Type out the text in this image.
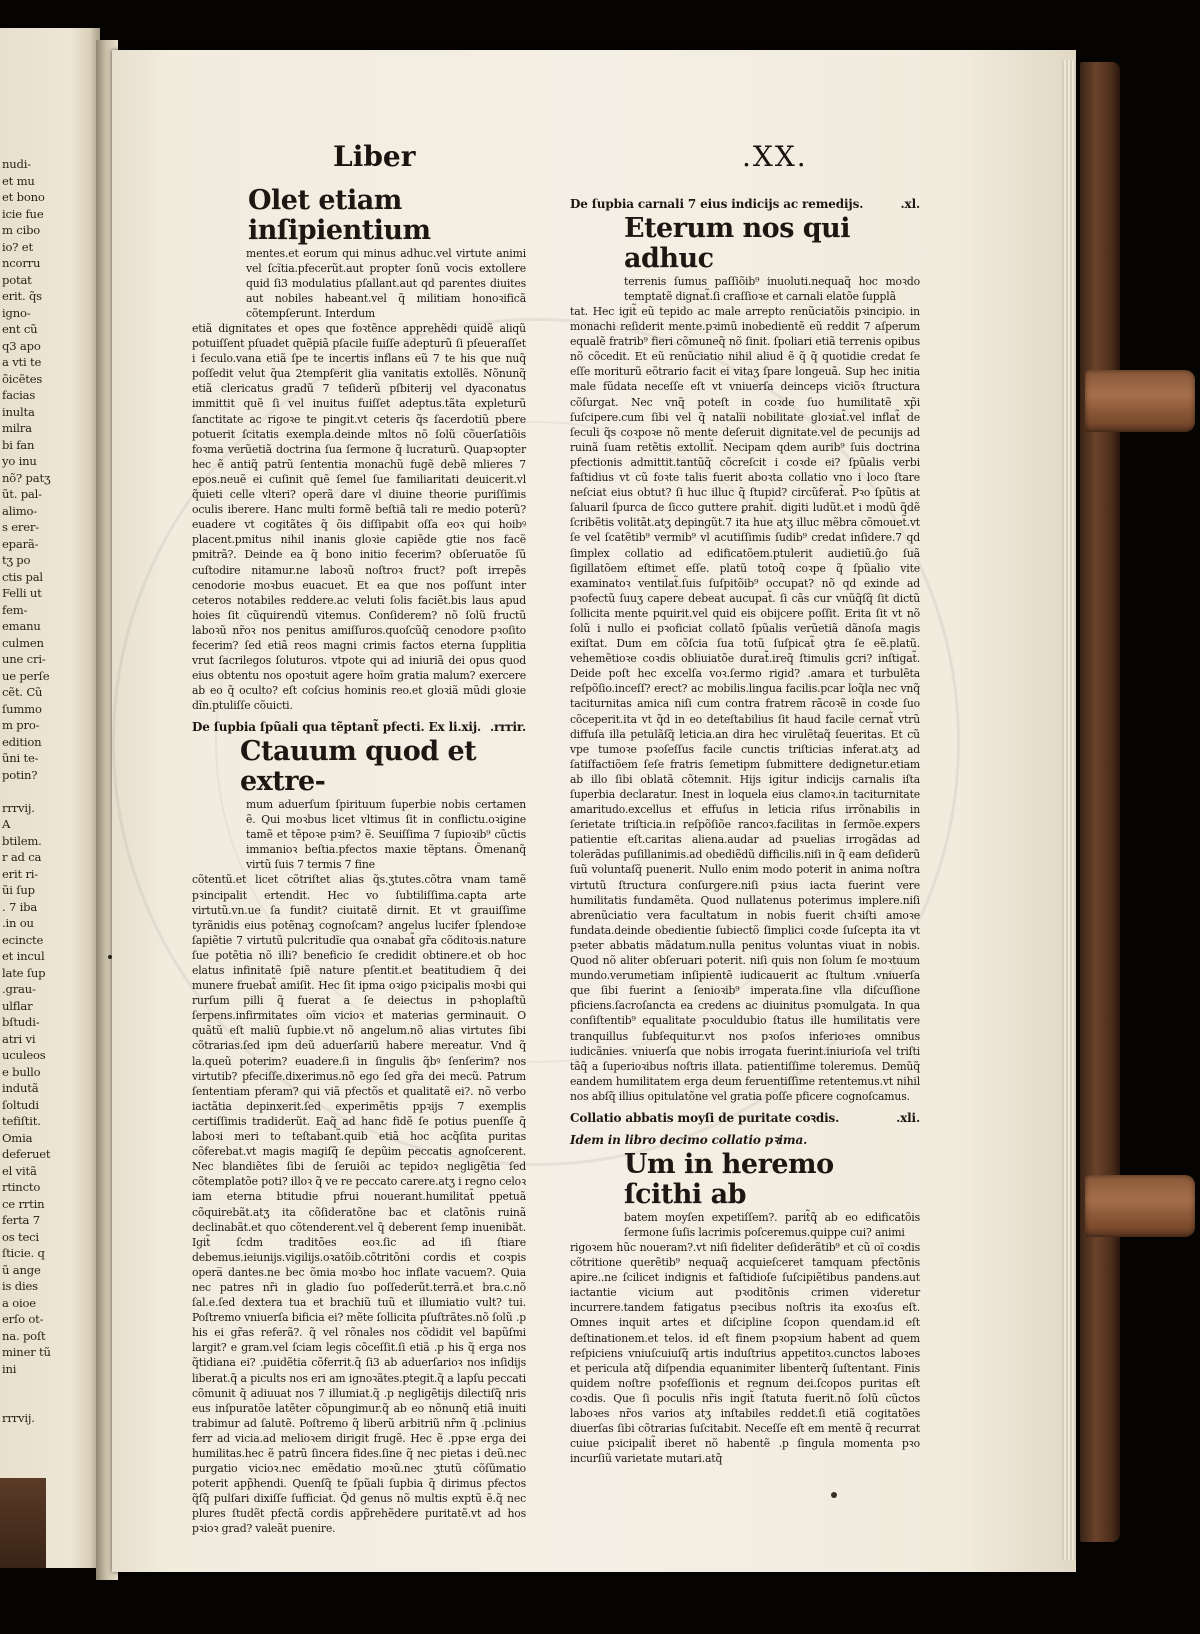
nudi-
et mu
et bono
icie fue
m cibo
io? et
ncorru
potat
erit. q̃s
igno-
ent cũ
q3 apo
a vti te
õicẽtes
facias
inulta
milra
bi fan
yo inu
nõ? patʒ
ũt. pal-
alimo-
s erer-
eparã-
tʒ po
ctis pal
Felli ut
fem-
emanu
culmen
une cri-
ue perſe
cẽt. Cũ
ſummo
m pro-
edition
ũni te-
potin?

rrrvij.
A
btilem.
r ad ca
erit ri-
ũi ſup
. 7 iba
.in ou
ecincte
et incul
late ſup
.grau-
ulflar
bſtudi-
atri vi
uculeos
e bullo
indutã
ſoltudi
tefiſtit.
Omia
deferuet
el vitã
rtincto
ce rrtin
ferta 7
os teci
ſticie. q
ũ ange
is dies
a oioe
erſo ot-
na. poſt
miner tũ
ini

rrrvij.
Liber	.XX.
Olet etiam inſipientium

mentes.et eorum qui minus adhuc.vel virtute animi vel ſcĩtia.pfecerũt.aut propter ſonũ vocis extollere quid ſi3 modulatius pſallant.aut qd parentes diuites aut nobiles habeant.vel q̃ militiam honoꝛificã cõtempſerunt. Interdum

etiã dignitates et opes que foꝛtẽnce apprehẽdi quidẽ aliqũ potuiſſent pſuadet quẽpiã pſacile fuiſſe adepturũ ſi pſeueraſſet i ſeculo.vana etiã ſpe te incertis inflans eũ 7 te his que nuq̃ poſſedit velut q̃ua 2tempſerit glia vanitatis extollẽs. Nõnunq̃ etiã clericatus gradũ 7 teſiderũ pſbiterij vel dyaconatus immittit quẽ ſi vel inuitus fuiſſet adeptus.tãta expleturũ ſanctitate ac rigoꝛe te pingit.vt ceteris q̃s ſacerdotiũ pbere potuerit ſcitatis exempla.deinde mltos nõ ſolũ cõuerſatiõis foꝛma verũetiã doctrina ſua ſermone q̃ lucraturũ. Quapꝛopter hec ẽ antiq̃ patrũ ſententia monachũ fugẽ debẽ mlieres 7 epos.neuẽ ei cuſinit quẽ ſemel ſue familiaritati deuicerit.vl q̃uieti celle vlteri? operã dare vl diuine theorie puriſſimis oculis iberere. Hanc multi formẽ beſtiã tali re medio poterũ? euadere vt cogitãtes q̃ õis diſſipabit oſſa eoꝛ qui hoibꝰ placent.pmitus nihil inanis gloꝛie capiẽde gtie nos facẽ pmitrã?. Deinde ea q̃ bono initio fecerim? obſeruatõe ſũ cuſtodire nitamur.ne laboꝛũ noſtroꝛ fruct? poſt irrepẽs cenodorie moꝛbus euacuet. Et ea que nos poſſunt inter ceteros notabiles reddere.ac veluti ſolis faciẽt.bis laus apud hoies ſit cũquirendũ vitemus. Conſiderem? nõ ſolũ fructũ laboꝛũ nr̃oꝛ nos penitus amiſſuros.quoſcũq̃ cenodore pꝛoſito fecerim? ſed etiã reos magni crimis factos eterna ſupplitia vrut ſacrilegos ſoluturos. vtpote qui ad iniuriã dei opus quod eius obtentu nos opoꝛtuit agere hoĩm gratia malum? exercere ab eo q̃ oculto? eſt coſcius hominis reo.et gloꝛiã mũdi gloꝛie dĩn.ptuliſſe cõuicti.

.rrrir.
De ſupbia ſpũali qua tẽptant̃ pfecti. Ex li.xij.
Ctauum quod et extre-

mum aduerſum ſpirituum ſuperbie nobis certamen ẽ. Qui moꝛbus licet vltimus ſit in conflictu.oꝛigine tamẽ et tẽpoꝛe pꝛim? ẽ. Seuiſſima 7 ſupioꝛib⁹ cũctis immanioꝛ beſtia.pfectos maxie tẽptans. Õmenanq̃ virtũ ſuis 7 termis 7 fine

cõtentũ.et licet cõtriſtet alias q̃s.ʒtutes.cõtra vnam tamẽ pꝛincipalit ertendit. Hec vo ſubtiliſſima.capta arte virtutũ.vn.ue ſa fundit? ciuitatẽ dirnit. Et vt grauiſſime tyrãnidis eius potẽnaʒ cognoſcam? angelus lucifer ſplendoꝛe ſapiẽtie 7 virtutũ pulcritudĩe qua oꝛnabat̃ gr̃a cõditoꝛis.nature ſue potẽtia nõ illi? beneficio ſe credidit obtinere.et ob hoc elatus infinitatẽ ſpiẽ nature pſentit.et beatitudiem q̃ dei munere fruebat̃ amiſit. Hec ſit ipma oꝛigo pꝛicipalis moꝛbi qui rurſum pilli q̃ fuerat a ſe deiectus in pꝛhoplaſtũ ſerpens.infirmitates oĩm vicioꝛ et materias germinauit. O quãtũ eſt maliũ ſupbie.vt nõ angelum.nõ alias virtutes ſibi cõtrarias.ſed ipm deũ aduerſariũ habere mereatur. Vnd q̃ la.queũ poterim? euadere.ſi in ſingulis q̃bꝰ ſenſerim? nos virtutib? pfeciſſe.dixerimus.nõ ego ſed gr̃a dei mecũ. Patrum ſententiam pferam? qui viã pfectõs et qualitatẽ ei?. nõ verbo iactãtia depinxerit.ſed experimẽtis ppꝛijs 7 exemplis certiſſimis tradiderũt. Eaq̃ ad hanc fidẽ ſe potius puenſſe q̃ laboꝛi meri to teſtabant̃.quib etiã hoc acq̃ſita puritas cõferebat.vt magis magiſq̃ ſe depũim peccatis agnoſcerent. Nec blandiẽtes ſibi de ſeruiõi ac tepidoꝛ negligẽtia ſed cõtemplatõe poti? illoꝛ q̃ ve re peccato carere.atʒ i regno celoꝛ iam eterna btitudie pfrui nouerant.humilitat̃ ppetuã cõquirebãt.atʒ ita cõſideratõne bac et clatõnis ruinã declinabãt.et quo cõtenderent.vel q̃ deberent ſemp inuenibãt. Igit̃ ſcdm traditões eoꝛ.ſic ad iſi ſtiare debemus.ieiunijs.vigilijs.oꝛatõib.cõtritõni cordis et coꝛpis opera̅ dantes.ne bec õmia moꝛbo hoc inflate vacuem?. Quia nec patres nr̃i in gladio ſuo poſſederũt.terrã.et bra.c.nõ ſal.e.ſed dextera tua et brachiũ tuũ et illumiatio vult? tui. Poſtremo vniuerſa bificia ei? mẽte ſollicita pſuſtrãtes.nõ ſolũ .p his ei gr̃as referã?. q̃ vel rõnales nos cõdidit vel bapũſmi largit? e gram.vel ſciam legis cõceſſit.ſi etiã .p his q̃ erga nos q̃tidiana ei? .puidẽtia cõferrit.q̃ ſi3 ab aduerſarioꝛ nos inſidijs liberat.q̃ a picults nos eri am ignoꝛãtes.ptegit.q̃ a lapſu peccati cõmunit q̃ adiuuat nos 7 illumiat.q̃ .p negligẽtijs dilectiſq̃ nris eus inſpuratõe latẽter cõpungimur.q̃ ab eo nõnunq̃ etiã inuiti trabimur ad ſalutẽ. Poſtremo q̃ liberũ arbitriũ nr̃m q̃ .pclinius ferr ad vicia.ad melioꝛem dirigit frugẽ. Hec ẽ .ppꝛe erga dei humilitas.hec ẽ patrũ ſincera fides.ſine q̃ nec pietas i deũ.nec purgatio vicioꝛ.nec emẽdatio moꝛũ.nec ʒtutũ cõſũmatio poterit app̃hendi. Quenſq̃ te ſpũali ſupbia q̃ dirimus pfectos q̃ſq̃ pulſari dixiſſe ſufficiat. Q̃d genus nõ multis exptũ ẽ.q̃ nec plures ſtudẽt pfectã cordis app̃rehẽdere puritatẽ.vt ad hos pꝛioꝛ grad? valeãt puenire.

.xl.
De ſupbia carnali 7 eius indicijs ac remedijs.
Eterum nos qui adhuc

terrenis ſumus paſſiõib⁹ inuoluti.nequaq̃ hoc moꝛdo temptatẽ dignat̃.ſi craſſioꝛe et carnali elatõe ſupplã

tat. Hec igit̃ eũ tepido ac male arrepto renũciatõis pꝛincipio. in monachi reſiderit mente.pꝛimũ inobedientẽ eũ reddit 7 aſperum equalẽ fratrib⁹ fieri cõmuneq̃ nõ ſinit. ſpoliari etiã terrenis opibus nõ cõcedit. Et eũ renũciatio nihil aliud ẽ q̃ q̃ quotidie credat ſe eſſe moriturũ eõtrario facit ei vitaʒ ſpare longeuã. Sup hec initia male fũdata neceſſe eſt vt vniuerſa deinceps viciõꝛ ſtructura cõſurgat. Nec vnq̃ poteſt in coꝛde ſuo humilitatẽ xp̃i ſuſcipere.cum ſibi vel q̃ natalĩi nobilitate gloꝛiat̃.vel inflat̃ de ſeculi q̃s coꝛpoꝛe nõ mente deſeruit dignitate.vel de pecunijs ad ruinã ſuam retẽtis extollit̃. Necipam qdem aurib⁹ ſuis doctrina pfectionis admittit.tantũq̃ cõcreſcit i coꝛde ei? ſpũalis verbi faſtidius vt cũ foꝛte talis fuerit aboꝛta collatio vno i loco ſtare neſciat eius obtut? ſi huc illuc q̃ ſtupid? circũferat̃. Pꝛo ſpũtis at ſaluaril ſpurca de ſicco guttere ꝑrahit̃. digiti ludũt.et i modũ q̃dẽ ſcribẽtis volitãt.atʒ depingũt.7 ita hue atʒ illuc mẽbra cõmouet̃.vt ſe vel ſcatẽtib⁹ vermib⁹ vl acutiſſimis ſudib⁹ credat inſidere.7 qd ſimplex collatio ad edificatõem.ptulerit audietiũ.ĝo ſuã ſigillatõem eſtimet eſſe. platũ totoq̃ coꝛpe q̃ ſpũalio vite examinatoꝛ ventilat̃.ſuis ſuſpitõib⁹ occupat? nõ qd exinde ad pꝛofectũ ſuuʒ capere debeat aucupat̃. ſi cãs cur vnũq̃ſq̃ ſit dictũ ſollicita mente pquirit.vel quid eis obijcere poſſit. Erita ſit vt nõ ſolũ i nullo ei pꝛoficiat collatõ ſpũalis verũetiã dãnoſa magis exiſtat. Dum em cõſcia ſua totũ ſuſpicat̃ ꝯtra ſe eẽ.platũ. vehemẽtioꝛe coꝛdis obliuiatõe durat̃.ireq̃ ſtimulis gcri? inſtigat̃. Deide poſt hec excelſa voꝛ.ſermo rigid? .amara et turbulẽta reſpõſio.inceſſ? erect? ac mobilis.lingua facilis.pcar loq̃la nec vnq̃ taciturnitas amica niſi cum contra fratrem rãcoꝛẽ in coꝛde ſuo cõceperit.ita vt q̃d in eo deteſtabilius ſit haud facile cernat̃ vtrũ diffuſa illa petulãſq̃ leticia.an dira hec virulẽtaq̃ ſeueritas. Et cũ vpe tumoꝛe pꝛoſeſſus facile cunctis triſticias inferat.atʒ ad ſatiſfactiõem ſeſe fratris ſemetipm ſubmittere dedignetur.etiam ab illo ſibi oblatã cõtemnit. Hijs igitur indicijs carnalis iſta ſuperbia declaratur. Inest in loquela eius clamoꝛ.in taciturnitate amaritudo.excellus et effuſus in leticia riſus irrõnabilis in ſerietate triſticia.in reſpõſiõe rancoꝛ.facilitas in ſermõe.expers patientie eſt.caritas aliena.audar ad pꝛuelias irrogãdas ad tolerãdas puſillanimis.ad obediẽdũ difficilis.niſi in q̃ eam deſiderũ ſuũ voluntaſq̃ puenerit. Nullo enim modo poterit in anima noſtra virtutũ ſtructura conſurgere.niſi pꝛius iacta fuerint vere humilitatis fundamẽta. Quod nullatenus poterimus implere.niſi abrenũciatio vera facultatum in nobis fuerit chꝛiſti amoꝛe fundata.deinde obedientie ſubiectõ ſimplici coꝛde ſuſcepta ita vt pꝛeter abbatis mãdatum.nulla penitus voluntas viuat in nobis. Quod nõ aliter obſeruari poterit. niſi quis non ſolum ſe moꝛtuum mundo.verumetiam inſipientẽ iudicauerit ac ſtultum .vniuerſa que ſibi fuerint a ſenioꝛib⁹ imperata.ſine vlla diſcuſſione pficiens.ſacroſancta ea credens ac diuinitus pꝛomulgata. In qua conſiſtentib⁹ equalitate pꝛoculdubio ſtatus ille humilitatis vere tranquillus ſubſequitur.vt nos pꝛoſos inferioꝛes omnibus iudicãnies. vniuerſa que nobis irrogata fuerint.iniurioſa vel triſti tãq̃ a ſuperioꝛibus noſtris illata. patientiſſime toleremus. Demũq̃ eandem humilitatem erga deum feruentiſſime retentemus.vt nihil nos abſq̃ illius opitulatõne vel gratia poſſe pficere cognoſcamus.

.xli.
Collatio abbatis moyſi de puritate coꝛdis.
Idem in libro decimo collatio pꝛima.
Um in heremo ſcithi ab

batem moyſen expetiſſem?. parit̃q̃ ab eo edificatõis ſermone ſuſis lacrimis poſceremus.quippe cui? animi

rigoꝛem hũc noueram?.vt niſi fideliter deſiderãtib⁹ et cũ oĩ coꝛdis cõtritione querẽtib⁹ nequaq̃ acquieſceret tamquam pfectõnis apire..ne ſcilicet indignis et faſtidioſe ſuſcipiẽtibus pandens.aut iactantie vicium aut pꝛoditõnis crimen videretur incurrere.tandem fatigatus pꝛecibus noſtris ita exoꝛſus eſt. Omnes inquit artes et diſcipline ſcopon quendam.id eſt deſtinationem.et telos. id eſt finem pꝛopꝛium habent ad quem reſpiciens vniuſcuiuſq̃ artis induſtrius appetitoꝛ.cunctos laboꝛes et pericula atq̃ diſpendia equanimiter libenterq̃ ſuſtentant. Finis quidem noſtre pꝛofeſſionis et regnum dei.ſcopos puritas eſt coꝛdis. Que ſi poculis nr̃is ingit̃ ſtatuta fuerit.nõ ſolũ cũctos laboꝛes nr̃os varios atʒ inſtabiles reddet.ſi etiã cogitatões diuerſas ſibi cõtrarias ſuſcitabit. Neceſſe eſt em mentẽ q̃ recurrat cuiue pꝛicipalit̃ iberet nõ habentẽ .p ſingula momenta pꝛo incurſiũ varietate mutari.atq̃
